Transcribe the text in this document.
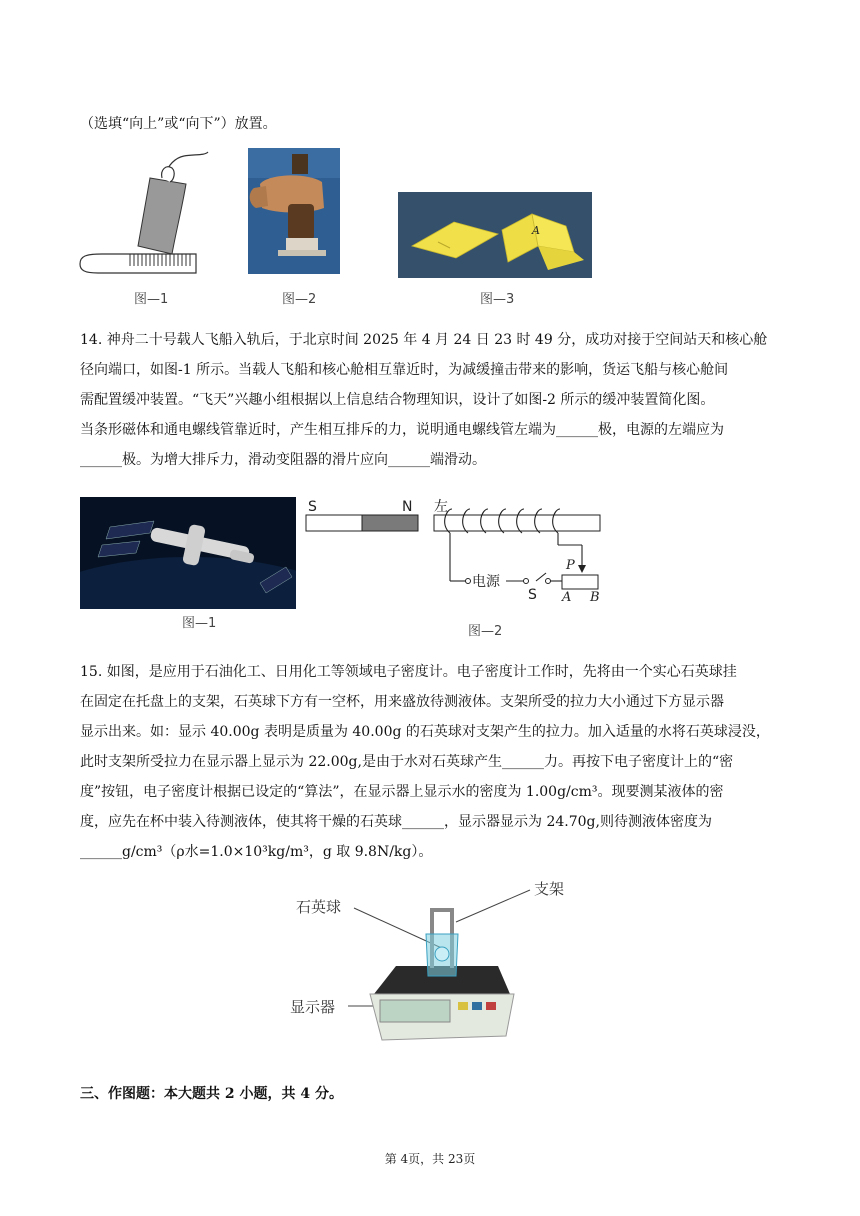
（选填“向上”或“向下”）放置。
图—1	图—2
A
图—3
14. 神舟二十号载人飞船入轨后，于北京时间 2025 年 4 月 24 日 23 时 49 分，成功对接于空间站天和核心舱
径向端口，如图-1 所示。当载人飞船和核心舱相互靠近时，为减缓撞击带来的影响，货运飞船与核心舱间
需配置缓冲装置。“飞天”兴趣小组根据以上信息结合物理知识，设计了如图-2 所示的缓冲装置简化图。
当条形磁体和通电螺线管靠近时，产生相互排斥的力，说明通电螺线管左端为______极，电源的左端应为
______极。为增大排斥力，滑动变阻器的滑片应向______端滑动。
图—1
S	N 左
电源
S
P
A B
图—2
15. 如图，是应用于石油化工、日用化工等领域电子密度计。电子密度计工作时，先将由一个实心石英球挂
在固定在托盘上的支架，石英球下方有一空杯，用来盛放待测液体。支架所受的拉力大小通过下方显示器
显示出来。如：显示 40.00g 表明是质量为 40.00g 的石英球对支架产生的拉力。加入适量的水将石英球浸没，
此时支架所受拉力在显示器上显示为 22.00g,是由于水对石英球产生______力。再按下电子密度计上的“密
度”按钮，电子密度计根据已设定的“算法”，在显示器上显示水的密度为 1.00g/cm³。现要测某液体的密
度，应先在杯中装入待测液体，使其将干燥的石英球______，显示器显示为 24.70g,则待测液体密度为
______g/cm³（ρ水=1.0×10³kg/m³，g 取 9.8N/kg）。
石英球
支架
显示器
三、作图题：本大题共 2 小题，共 4 分。
第 4页，共 23页
